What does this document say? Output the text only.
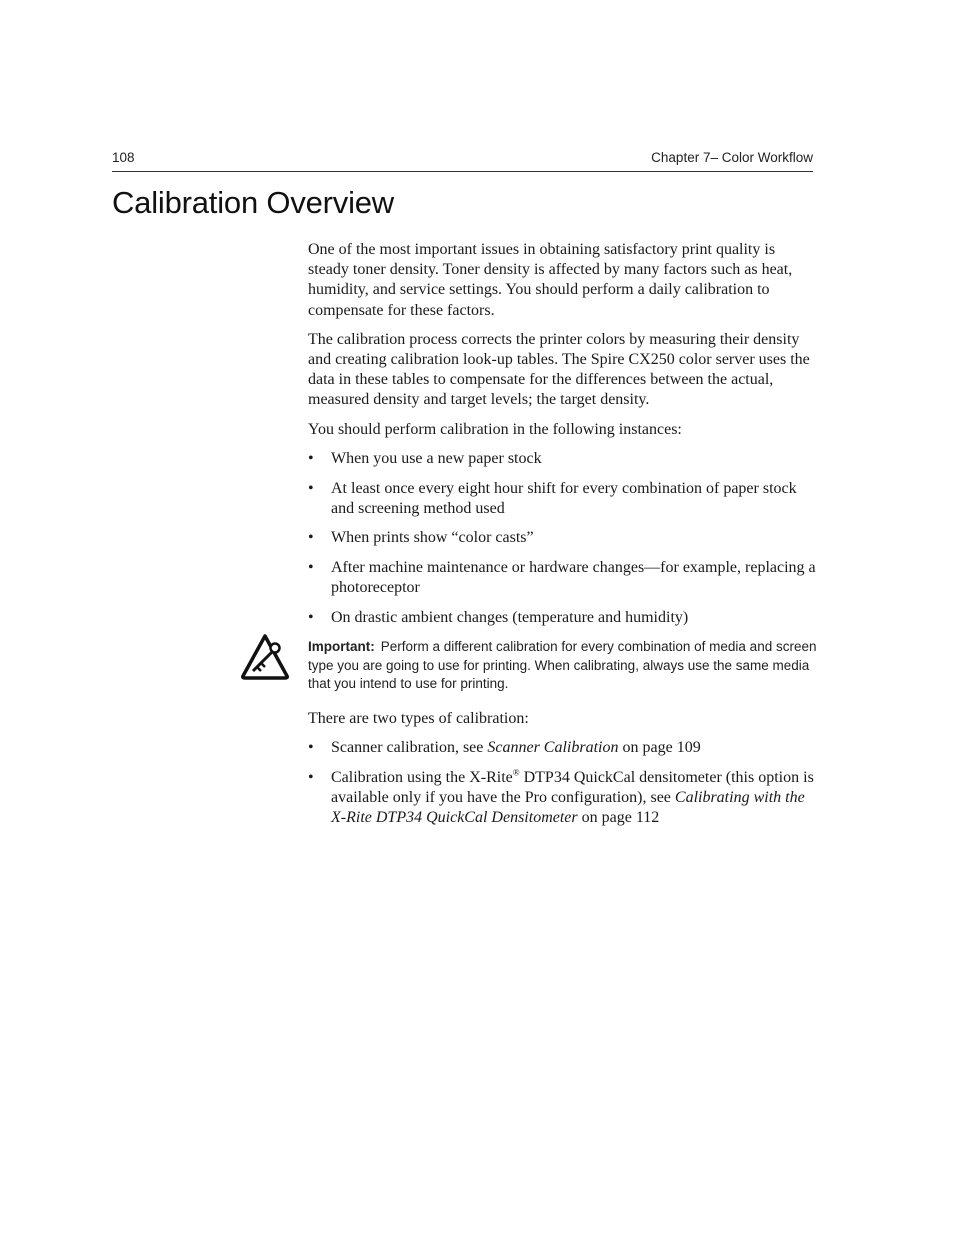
108	Chapter 7– Color Workflow
Calibration Overview

One of the most important issues in obtaining satisfactory print quality is steady toner density. Toner density is affected by many factors such as heat, humidity, and service settings. You should perform a daily calibration to compensate for these factors.

The calibration process corrects the printer colors by measuring their density and creating calibration look-up tables. The Spire CX250 color server uses the data in these tables to compensate for the differences between the actual, measured density and target levels; the target density.

You should perform calibration in the following instances:

• When you use a new paper stock
• At least once every eight hour shift for every combination of paper stock and screening method used
• When prints show “color casts”
• After machine maintenance or hardware changes—for example, replacing a photoreceptor
• On drastic ambient changes (temperature and humidity)
Important: Perform a different calibration for every combination of media and screen type you are going to use for printing. When calibrating, always use the same media that you intend to use for printing.

There are two types of calibration:

• Scanner calibration, see Scanner Calibration on page 109
• Calibration using the X-Rite® DTP34 QuickCal densitometer (this option is available only if you have the Pro configuration), see Calibrating with the X-Rite DTP34 QuickCal Densitometer on page 112
